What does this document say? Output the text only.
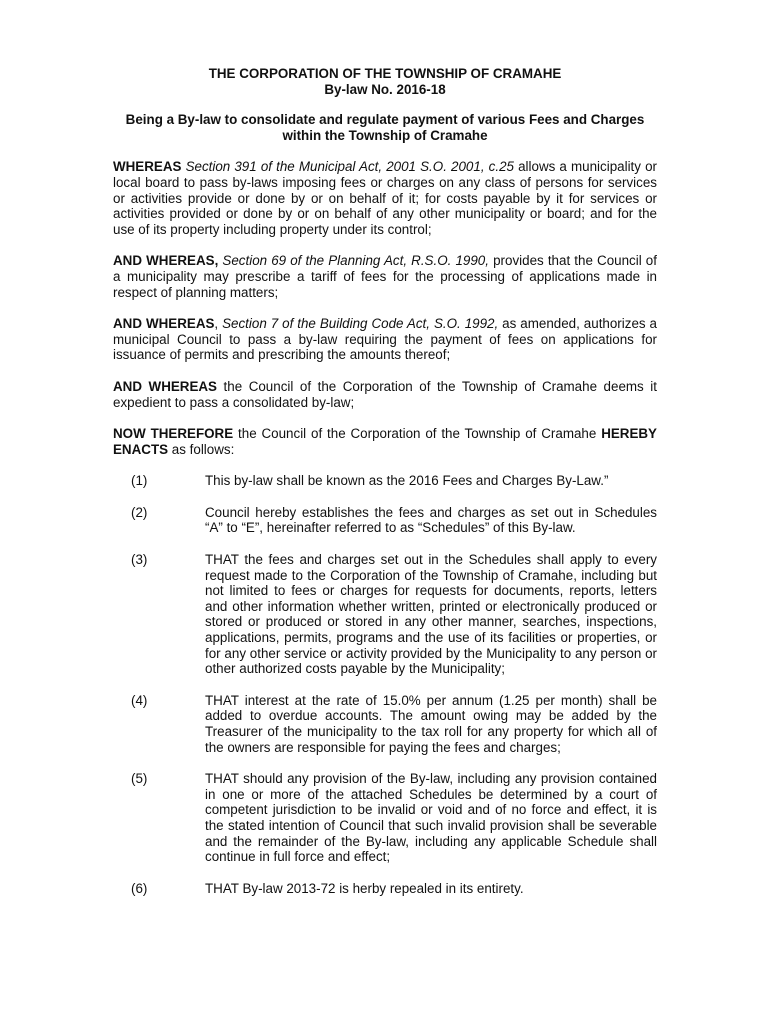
THE CORPORATION OF THE TOWNSHIP OF CRAMAHE
By-law No. 2016-18
Being a By-law to consolidate and regulate payment of various Fees and Charges within the Township of Cramahe

WHEREAS Section 391 of the Municipal Act, 2001 S.O. 2001, c.25 allows a municipality or local board to pass by-laws imposing fees or charges on any class of persons for services or activities provide or done by or on behalf of it; for costs payable by it for services or activities provided or done by or on behalf of any other municipality or board; and for the use of its property including property under its control;

AND WHEREAS, Section 69 of the Planning Act, R.S.O. 1990, provides that the Council of a municipality may prescribe a tariff of fees for the processing of applications made in respect of planning matters;

AND WHEREAS, Section 7 of the Building Code Act, S.O. 1992, as amended, authorizes a municipal Council to pass a by-law requiring the payment of fees on applications for issuance of permits and prescribing the amounts thereof;

AND WHEREAS the Council of the Corporation of the Township of Cramahe deems it expedient to pass a consolidated by-law;

NOW THEREFORE the Council of the Corporation of the Township of Cramahe HEREBY ENACTS as follows:

(1)	This by-law shall be known as the 2016 Fees and Charges By-Law.”
(2)	Council hereby establishes the fees and charges as set out in Schedules “A” to “E”, hereinafter referred to as “Schedules” of this By-law.
(3)	THAT the fees and charges set out in the Schedules shall apply to every request made to the Corporation of the Township of Cramahe, including but not limited to fees or charges for requests for documents, reports, letters and other information whether written, printed or electronically produced or stored or produced or stored in any other manner, searches, inspections, applications, permits, programs and the use of its facilities or properties, or for any other service or activity provided by the Municipality to any person or other authorized costs payable by the Municipality;
(4)	THAT interest at the rate of 15.0% per annum (1.25 per month) shall be added to overdue accounts. The amount owing may be added by the Treasurer of the municipality to the tax roll for any property for which all of the owners are responsible for paying the fees and charges;
(5)	THAT should any provision of the By-law, including any provision contained in one or more of the attached Schedules be determined by a court of competent jurisdiction to be invalid or void and of no force and effect, it is the stated intention of Council that such invalid provision shall be severable and the remainder of the By-law, including any applicable Schedule shall continue in full force and effect;
(6)	THAT By-law 2013-72 is herby repealed in its entirety.
